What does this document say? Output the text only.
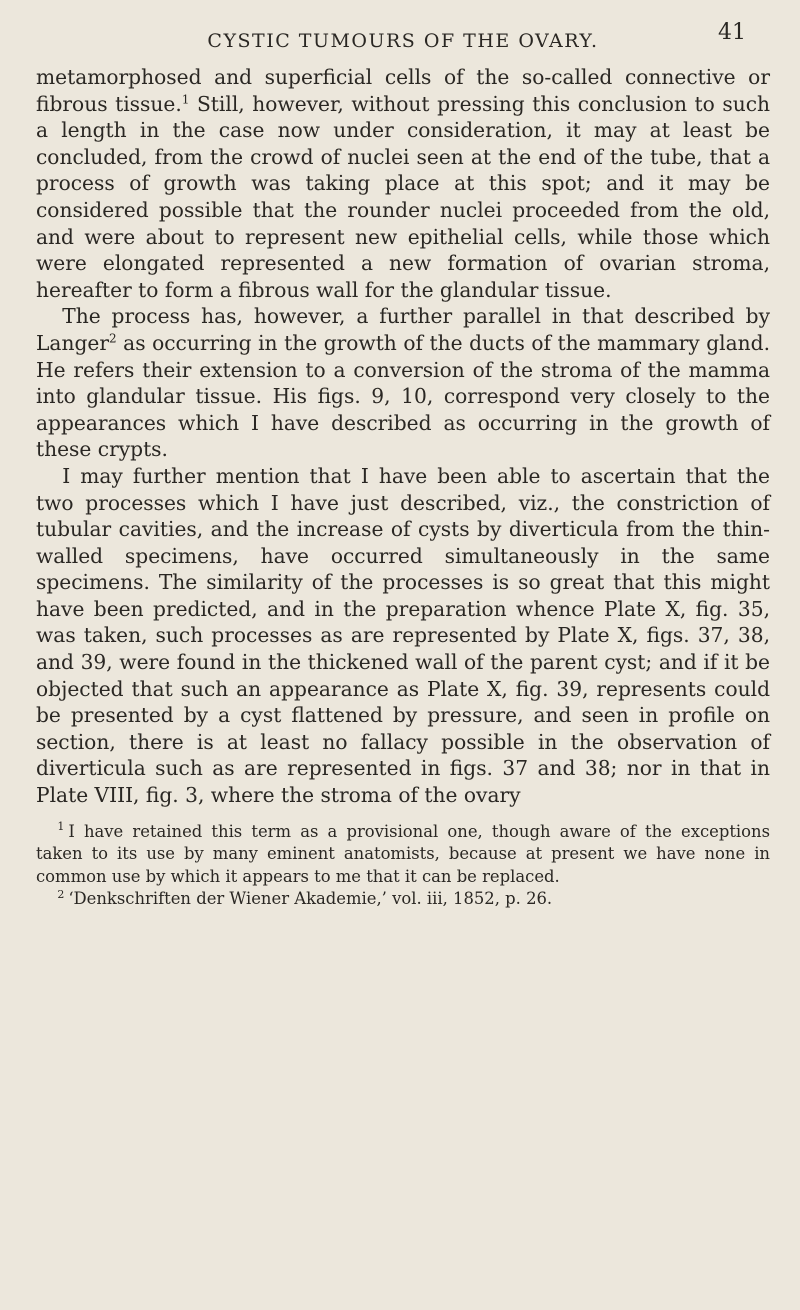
CYSTIC TUMOURS OF THE OVARY.	41

metamorphosed and superficial cells of the so-called connective or fibrous tissue.$^1$ Still, however, without pressing this conclusion to such a length in the case now under consideration, it may at least be concluded, from the crowd of nuclei seen at the end of the tube, that a process of growth was taking place at this spot; and it may be considered possible that the rounder nuclei proceeded from the old, and were about to represent new epithelial cells, while those which were elongated represented a new formation of ovarian stroma, hereafter to form a fibrous wall for the glandular tissue.

The process has, however, a further parallel in that described by Langer$^2$ as occurring in the growth of the ducts of the mammary gland. He refers their extension to a conversion of the stroma of the mamma into glandular tissue. His figs. 9, 10, correspond very closely to the appearances which I have described as occurring in the growth of these crypts.

I may further mention that I have been able to ascertain that the two processes which I have just described, viz., the constriction of tubular cavities, and the increase of cysts by diverticula from the thin-walled specimens, have occurred simultaneously in the same specimens. The similarity of the processes is so great that this might have been predicted, and in the preparation whence Plate X, fig. 35, was taken, such processes as are represented by Plate X, figs. 37, 38, and 39, were found in the thickened wall of the parent cyst; and if it be objected that such an appearance as Plate X, fig. 39, represents could be presented by a cyst flattened by pressure, and seen in profile on section, there is at least no fallacy possible in the observation of diverticula such as are represented in figs. 37 and 38; nor in that in Plate VIII, fig. 3, where the stroma of the ovary

$^1$ I have retained this term as a provisional one, though aware of the exceptions taken to its use by many eminent anatomists, because at present we have none in common use by which it appears to me that it can be replaced.

$^2$ ‘Denkschriften der Wiener Akademie,’ vol. iii, 1852, p. 26.
